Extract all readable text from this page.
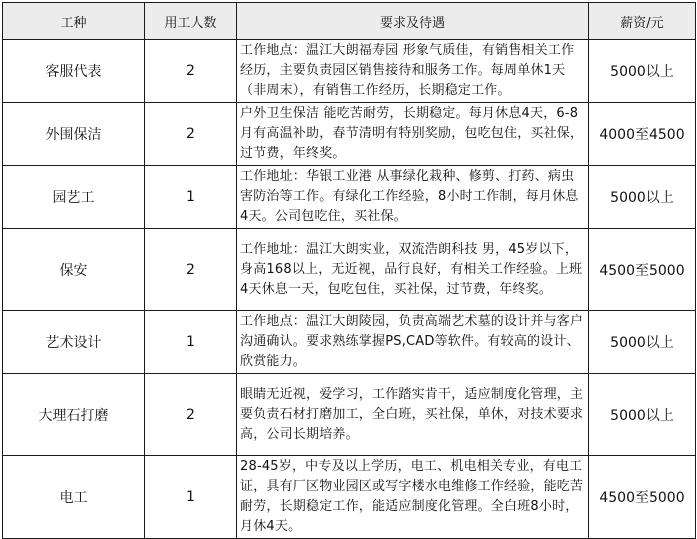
工种	用工人数	要求及待遇	薪资/元
客服代表	2	工作地点：温江大朗福寿园 形象气质佳，有销售相关工作经历，主要负责园区销售接待和服务工作。每周单休1天（非周末），有销售工作经历，长期稳定工作。	5000以上
外围保洁	2	户外卫生保洁 能吃苦耐劳，长期稳定。每月休息4天，6-8月有高温补助，春节清明有特别奖励，包吃包住，买社保，过节费，年终奖。	4000至4500
园艺工	1	工作地址：华银工业港 从事绿化栽种、修剪、打药、病虫害防治等工作。有绿化工作经验，8小时工作制，每月休息4天。公司包吃住，买社保。	5000以上
保安	2	工作地址：温江大朗实业，双流浩朗科技 男，45岁以下，身高168以上，无近视，品行良好，有相关工作经验。上班4天休息一天，包吃包住，买社保，过节费，年终奖。	4500至5000
艺术设计	1	工作地点：温江大朗陵园，负责高端艺术墓的设计并与客户沟通确认。要求熟练掌握PS,CAD等软件。有较高的设计、欣赏能力。	5000以上
大理石打磨	2	眼睛无近视，爱学习，工作踏实肯干，适应制度化管理，主要负责石材打磨加工，全白班，买社保，单休，对技术要求高，公司长期培养。	5000以上
电工	1	28-45岁，中专及以上学历，电工、机电相关专业，有电工证，具有厂区物业园区或写字楼水电维修工作经验，能吃苦耐劳，长期稳定工作，能适应制度化管理。全白班8小时，月休4天。	4500至5000
